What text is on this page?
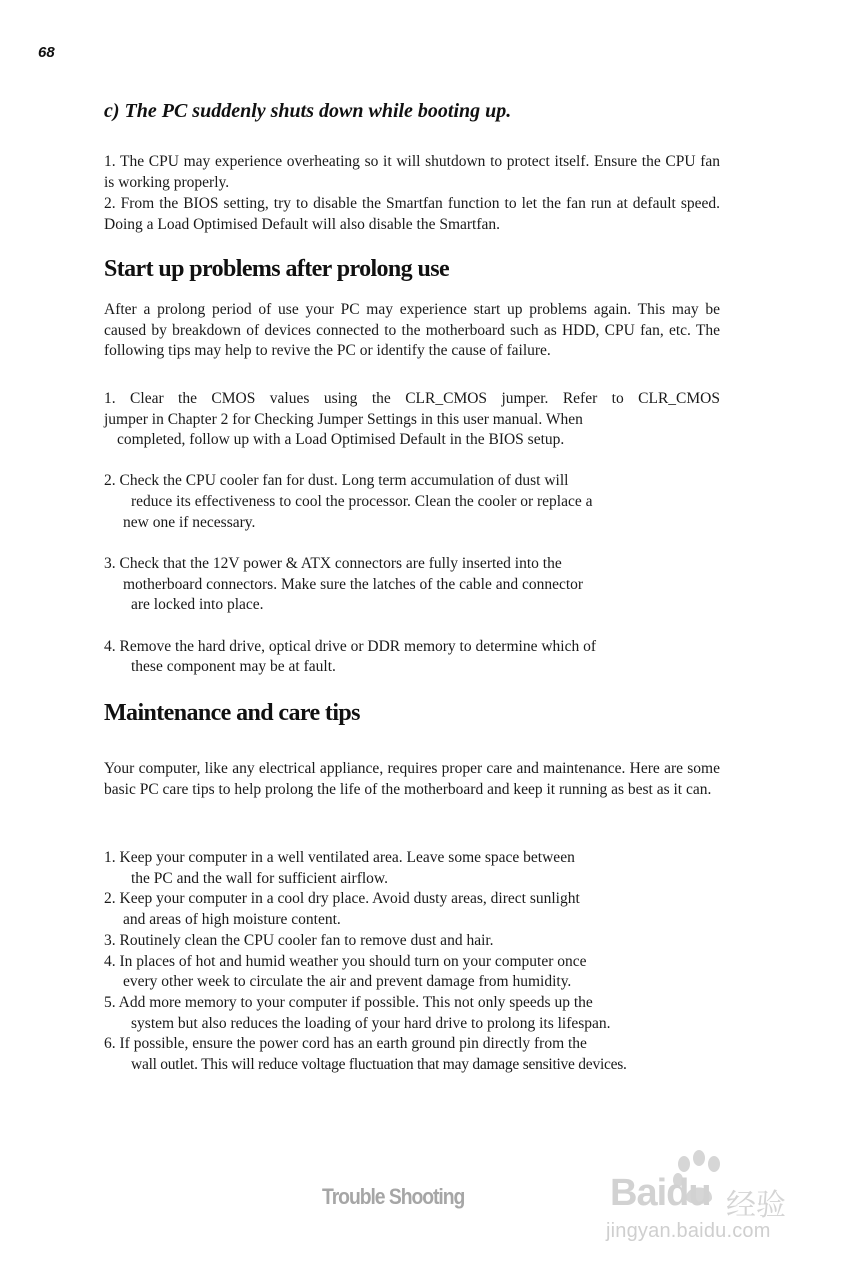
68
c) The PC suddenly shuts down while booting up.

1. The CPU may experience overheating so it will shutdown to protect itself. Ensure the CPU fan is working properly.

2. From the BIOS setting, try to disable the Smartfan function to let the fan run at default speed. Doing a Load Optimised Default will also disable the Smartfan.

Start up problems after prolong use

After a prolong period of use your PC may experience start up problems again. This may be caused by breakdown of devices connected to the motherboard such as HDD, CPU fan, etc. The following tips may help to revive the PC or identify the cause of failure.

1. Clear the CMOS values using the CLR_CMOS jumper. Refer to CLR_CMOS

jumper in Chapter 2 for Checking Jumper Settings in this user manual. When

completed, follow up with a Load Optimised Default in the BIOS setup.

2. Check the CPU cooler fan for dust. Long term accumulation of dust will

reduce its effectiveness to cool the processor. Clean the cooler or replace a

new one if necessary.

3. Check that the 12V power & ATX connectors are fully inserted into the

motherboard connectors. Make sure the latches of the cable and connector

are locked into place.

4. Remove the hard drive, optical drive or DDR memory to determine which of

these component may be at fault.

Maintenance and care tips

Your computer, like any electrical appliance, requires proper care and maintenance. Here are some basic PC care tips to help prolong the life of the motherboard and keep it running as best as it can.

1. Keep your computer in a well ventilated area. Leave some space between

the PC and the wall for sufficient airflow.

2. Keep your computer in a cool dry place. Avoid dusty areas, direct sunlight

and areas of high moisture content.

3. Routinely clean the CPU cooler fan to remove dust and hair.

4. In places of hot and humid weather you should turn on your computer once

every other week to circulate the air and prevent damage from humidity.

5. Add more memory to your computer if possible. This not only speeds up the

system but also reduces the loading of your hard drive to prolong its lifespan.

6. If possible, ensure the power cord has an earth ground pin directly from the

wall outlet. This will reduce voltage fluctuation that may damage sensitive devices.

Trouble Shooting	Baidu 经验
jingyan.baidu.com
